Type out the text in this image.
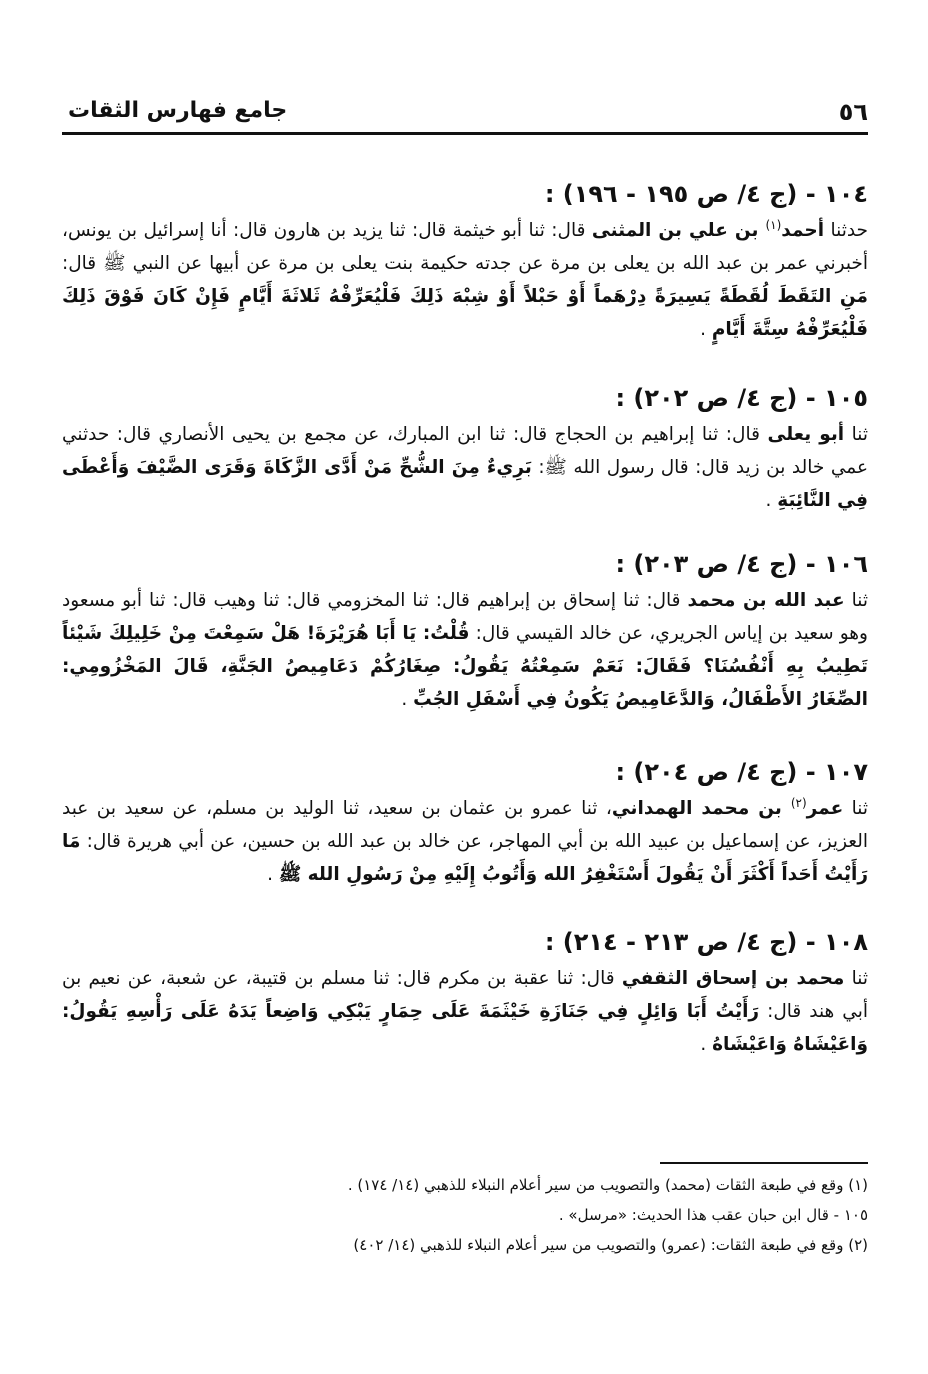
٥٦
جامع فهارس الثقات
١٠٤ - (ج ٤/ ص ١٩٥ - ١٩٦) :

حدثنا أحمد$^{(١)}$ بن علي بن المثنى قال: ثنا أبو خيثمة قال: ثنا يزيد بن هارون قال: أنا إسرائيل بن يونس، أخبرني عمر بن عبد الله بن يعلى بن مرة عن جدته حكيمة بنت يعلى بن مرة عن أبيها عن النبي ﷺ قال: مَنِ التَقَطَ لُقَطَةً يَسِيرَةً دِرْهَماً أَوْ حَبْلاً أَوْ شِبْهَ ذَلِكَ فَلْيُعَرِّفْهُ ثَلاثَةَ أَيَّامٍ فَإِنْ كَانَ فَوْقَ ذَلِكَ فَلْيُعَرِّفْهُ سِتَّةَ أَيَّامٍ .

١٠٥ - (ج ٤/ ص ٢٠٢) :

ثنا أبو يعلى قال: ثنا إبراهيم بن الحجاج قال: ثنا ابن المبارك، عن مجمع بن يحيى الأنصاري قال: حدثني عمي خالد بن زيد قال: قال رسول الله ﷺ: بَرِيءٌ مِنَ الشُّحِّ مَنْ أَدَّى الزَّكَاةَ وَقَرَى الضَّيْفَ وَأَعْطَى فِي النَّائِبَةِ .

١٠٦ - (ج ٤/ ص ٢٠٣) :

ثنا عبد الله بن محمد قال: ثنا إسحاق بن إبراهيم قال: ثنا المخزومي قال: ثنا وهيب قال: ثنا أبو مسعود وهو سعيد بن إياس الجريري، عن خالد القيسي قال: قُلْتُ: يَا أَبَا هُرَيْرَةَ! هَلْ سَمِعْتَ مِنْ خَلِيلِكَ شَيْئاً تَطِيبُ بِهِ أَنْفُسُنَا؟ فَقَالَ: نَعَمْ سَمِعْتُهُ يَقُولُ: صِغَارُكُمْ دَعَامِيصُ الجَنَّةِ، قَالَ المَخْزُومِي: الصِّغَارُ الأَطْفَالُ، وَالدَّعَامِيصُ يَكُونُ فِي أَسْفَلِ الجُبِّ .

١٠٧ - (ج ٤/ ص ٢٠٤) :

ثنا عمر$^{(٢)}$ بن محمد الهمداني، ثنا عمرو بن عثمان بن سعيد، ثنا الوليد بن مسلم، عن سعيد بن عبد العزيز، عن إسماعيل بن عبيد الله بن أبي المهاجر، عن خالد بن عبد الله بن حسين، عن أبي هريرة قال: مَا رَأَيْتُ أَحَداً أَكْثَرَ أَنْ يَقُولَ أَسْتَغْفِرُ الله وَأَتُوبُ إِلَيْهِ مِنْ رَسُولِ الله ﷺ .

١٠٨ - (ج ٤/ ص ٢١٣ - ٢١٤) :

ثنا محمد بن إسحاق الثقفي قال: ثنا عقبة بن مكرم قال: ثنا مسلم بن قتيبة، عن شعبة، عن نعيم بن أبي هند قال: رَأَيْتُ أَبَا وَائِلٍ فِي جَنَازَةِ خَيْثَمَةَ عَلَى حِمَارٍ يَبْكِي وَاضِعاً يَدَهُ عَلَى رَأْسِهِ يَقُولُ: وَاعَيْشَاهُ وَاعَيْشَاهُ .

(١) وقع في طبعة الثقات (محمد) والتصويب من سير أعلام النبلاء للذهبي (١٤/ ١٧٤) .
١٠٥ - قال ابن حبان عقب هذا الحديث: «مرسل» .
(٢) وقع في طبعة الثقات: (عمرو) والتصويب من سير أعلام النبلاء للذهبي (١٤/ ٤٠٢)
